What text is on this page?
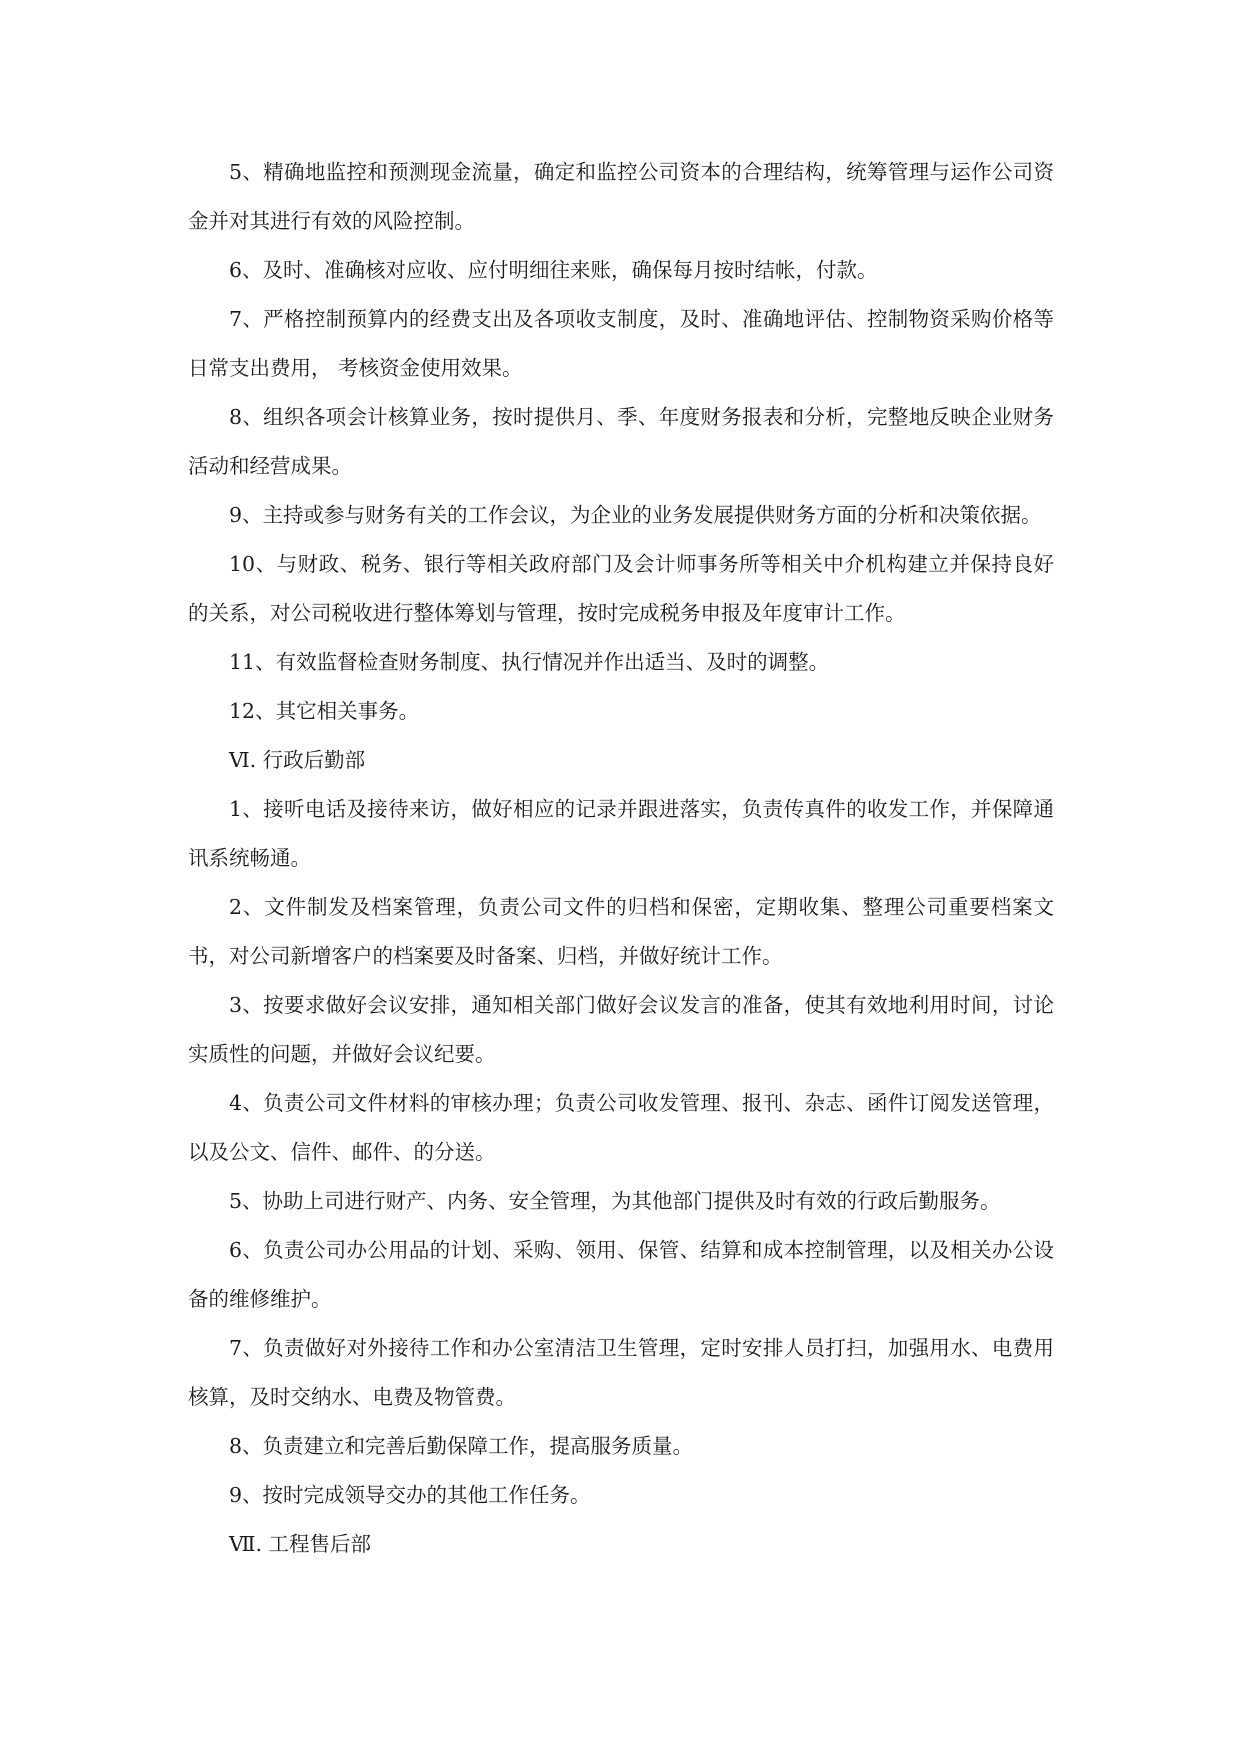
5、精确地监控和预测现金流量，确定和监控公司资本的合理结构，统筹管理与运作公司资金并对其进行有效的风险控制。

6、及时、准确核对应收、应付明细往来账，确保每月按时结帐，付款。

7、严格控制预算内的经费支出及各项收支制度，及时、准确地评估、控制物资采购价格等日常支出费用， 考核资金使用效果。

8、组织各项会计核算业务，按时提供月、季、年度财务报表和分析，完整地反映企业财务活动和经营成果。

9、主持或参与财务有关的工作会议，为企业的业务发展提供财务方面的分析和决策依据。

10、与财政、税务、银行等相关政府部门及会计师事务所等相关中介机构建立并保持良好的关系，对公司税收进行整体筹划与管理，按时完成税务申报及年度审计工作。

11、有效监督检查财务制度、执行情况并作出适当、及时的调整。

12、其它相关事务。

Ⅵ. 行政后勤部

1、接听电话及接待来访，做好相应的记录并跟进落实，负责传真件的收发工作，并保障通讯系统畅通。

2、文件制发及档案管理，负责公司文件的归档和保密，定期收集、整理公司重要档案文书，对公司新增客户的档案要及时备案、归档，并做好统计工作。

3、按要求做好会议安排，通知相关部门做好会议发言的准备，使其有效地利用时间，讨论实质性的问题，并做好会议纪要。

4、负责公司文件材料的审核办理；负责公司收发管理、报刊、杂志、函件订阅发送管理，以及公文、信件、邮件、的分送。

5、协助上司进行财产、内务、安全管理，为其他部门提供及时有效的行政后勤服务。

6、负责公司办公用品的计划、采购、领用、保管、结算和成本控制管理，以及相关办公设备的维修维护。

7、负责做好对外接待工作和办公室清洁卫生管理，定时安排人员打扫，加强用水、电费用核算，及时交纳水、电费及物管费。

8、负责建立和完善后勤保障工作，提高服务质量。

9、按时完成领导交办的其他工作任务。

Ⅶ. 工程售后部
